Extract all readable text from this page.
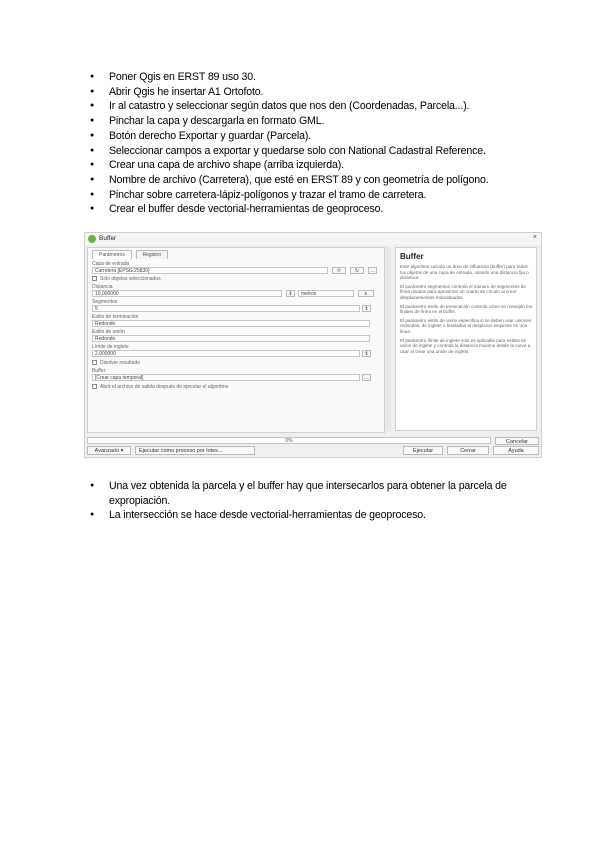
● Poner Qgis en ERST 89 uso 30.
● Abrir Qgis he insertar A1 Ortofoto.
● Ir al catastro y seleccionar según datos que nos den (Coordenadas, Parcela...).
● Pinchar la capa y descargarla en formato GML.
● Botón derecho Exportar y guardar (Parcela).
● Seleccionar campos a exportar y quedarse solo con National Cadastral Reference.
● Crear una capa de archivo shape (arriba izquierda).
● Nombre de archivo (Carretera), que esté en ERST 89 y con geometría de polígono.
● Pinchar sobre carretera-lápiz-polígonos y trazar el tramo de carretera.
● Crear el buffer desde vectorial-herramientas de geoproceso.
Buffer	×
Parámetros	Registro
Capa de entrada
Carretera [EPSG:25830]	⟳	↻	…
Solo objetos seleccionados
Distancia
10,000000	⇕	metros	ε
Segmentos
5	⇕
Estilo de terminación
Redondo
Estilo de unión
Redondo
Límite de inglete
2,000000	⇕
Disolver resultado
Buffer
[Crear capa temporal]	…
Abrir el archivo de salida después de ejecutar el algoritmo
Buffer

Este algoritmo calcula un área de influencia (buffer) para todos los objetos de una capa de entrada, usando una distancia fija o dinámica.

El parámetro segmentos controla el número de segmentos de línea usados para aproximar un cuarto de círculo al crear desplazamientos redondeados.

El parámetro estilo de terminación controla cómo se manejan los finales de línea en el buffer.

El parámetro estilo de unión especifica si se deben usar uniones redondas, de inglete o biseladas al desplazar esquinas en una línea.

El parámetro límite de inglete solo es aplicable para estilos de unión de inglete y controla la distancia máxima desde la curva a usar al crear una unión de inglete.

0%	Cancelar
Avanzado ▾	Ejecutar como proceso por lotes...	Ejecutar	Cerrar	Ayuda
● Una vez obtenida la parcela y el buffer hay que intersecarlos para obtener la parcela de expropiación.
● La intersección se hace desde vectorial-herramientas de geoproceso.
